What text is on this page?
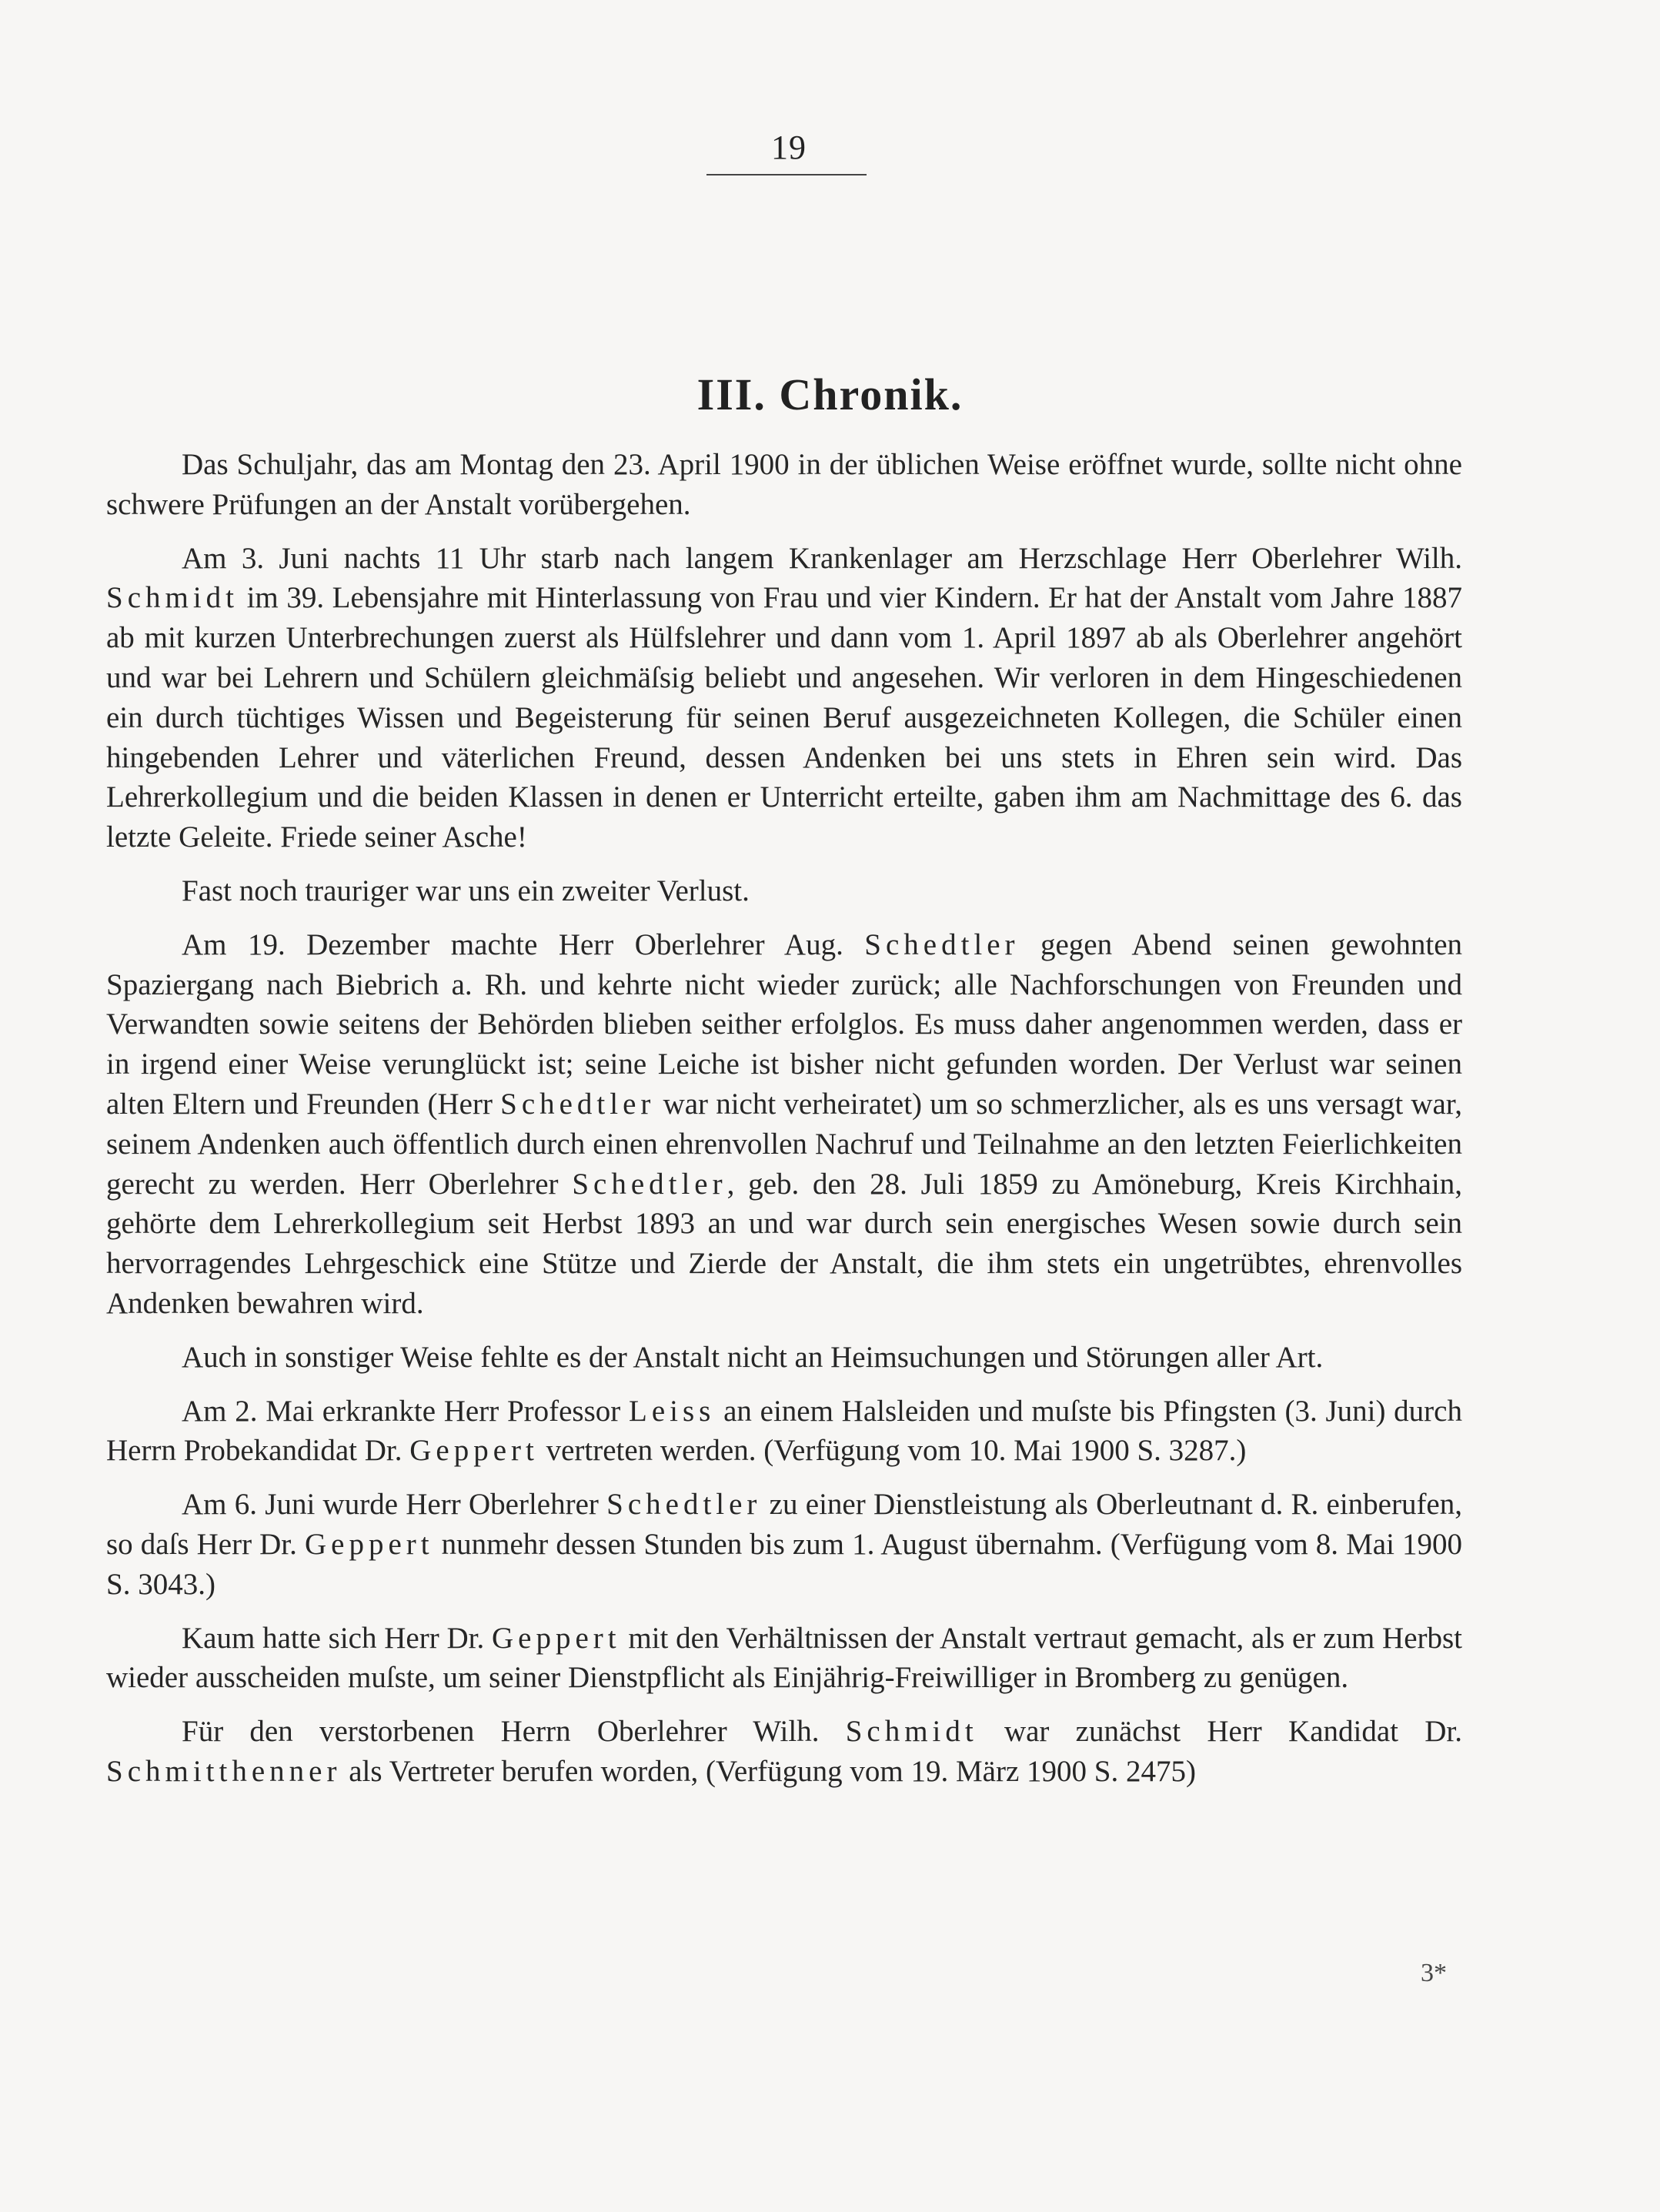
19
III. Chronik.

Das Schuljahr, das am Montag den 23. April 1900 in der üblichen Weise eröffnet wurde, sollte nicht ohne schwere Prüfungen an der Anstalt vorübergehen.

Am 3. Juni nachts 11 Uhr starb nach langem Krankenlager am Herzschlage Herr Oberlehrer Wilh. Schmidt im 39. Lebensjahre mit Hinterlassung von Frau und vier Kindern. Er hat der Anstalt vom Jahre 1887 ab mit kurzen Unterbrechungen zuerst als Hülfslehrer und dann vom 1. April 1897 ab als Oberlehrer angehört und war bei Lehrern und Schülern gleichmäſsig beliebt und angesehen. Wir verloren in dem Hingeschiedenen ein durch tüchtiges Wissen und Begeisterung für seinen Beruf ausgezeichneten Kollegen, die Schüler einen hingebenden Lehrer und väterlichen Freund, dessen Andenken bei uns stets in Ehren sein wird. Das Lehrerkollegium und die beiden Klassen in denen er Unterricht erteilte, gaben ihm am Nachmittage des 6. das letzte Geleite. Friede seiner Asche!

Fast noch trauriger war uns ein zweiter Verlust.

Am 19. Dezember machte Herr Oberlehrer Aug. Schedtler gegen Abend seinen gewohnten Spaziergang nach Biebrich a. Rh. und kehrte nicht wieder zurück; alle Nachforschungen von Freunden und Verwandten sowie seitens der Behörden blieben seither erfolglos. Es muss daher angenommen werden, dass er in irgend einer Weise verunglückt ist; seine Leiche ist bisher nicht gefunden worden. Der Verlust war seinen alten Eltern und Freunden (Herr Schedtler war nicht verheiratet) um so schmerzlicher, als es uns versagt war, seinem Andenken auch öffentlich durch einen ehrenvollen Nachruf und Teilnahme an den letzten Feierlichkeiten gerecht zu werden. Herr Oberlehrer Schedtler, geb. den 28. Juli 1859 zu Amöneburg, Kreis Kirchhain, gehörte dem Lehrerkollegium seit Herbst 1893 an und war durch sein energisches Wesen sowie durch sein hervorragendes Lehrgeschick eine Stütze und Zierde der Anstalt, die ihm stets ein ungetrübtes, ehrenvolles Andenken bewahren wird.

Auch in sonstiger Weise fehlte es der Anstalt nicht an Heimsuchungen und Störungen aller Art.

Am 2. Mai erkrankte Herr Professor Leiss an einem Halsleiden und muſste bis Pfingsten (3. Juni) durch Herrn Probekandidat Dr. Geppert vertreten werden. (Verfügung vom 10. Mai 1900 S. 3287.)

Am 6. Juni wurde Herr Oberlehrer Schedtler zu einer Dienstleistung als Oberleutnant d. R. einberufen, so daſs Herr Dr. Geppert nunmehr dessen Stunden bis zum 1. August übernahm. (Verfügung vom 8. Mai 1900 S. 3043.)

Kaum hatte sich Herr Dr. Geppert mit den Verhältnissen der Anstalt vertraut gemacht, als er zum Herbst wieder ausscheiden muſste, um seiner Dienstpflicht als Einjährig-Freiwilliger in Bromberg zu genügen.

Für den verstorbenen Herrn Oberlehrer Wilh. Schmidt war zunächst Herr Kandidat Dr. Schmitthenner als Vertreter berufen worden, (Verfügung vom 19. März 1900 S. 2475)

3*
